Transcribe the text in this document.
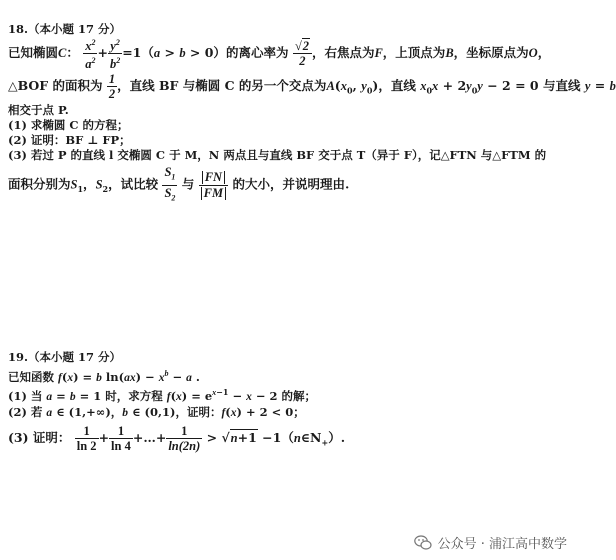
18.（本小题 17 分）
已知椭圆C： $\frac{x^2}{a^2} + \frac{y^2}{b^2} =1(a > b > 0)$的离心率为 $\frac{√2}{2}$ ，右焦点为F，上顶点为B，坐标原点为O，
△BOF 的面积为 $\frac{1}{2}$ ，直线 BF 与椭圆 C 的另一个交点为$A(x_0$, $y_0$)，直线 $x_0x + 2y_0y - 2 = 0$ 与直线 y = b
相交于点 P.
(1) 求椭圆 C 的方程；
(2) 证明：BF ⊥ FP；
(3) 若过 P 的直线 l 交椭圆 C 于 M，N 两点且与直线 BF 交于点 T（异于 F），记△FTN 与△FTM 的
面积分别为$S_1$，$S_2$，试比较 $\frac{S_1}{S_2}$ 与 $\frac{FN}{FM}$ 的大小，并说明理由.
19.（本小题 17 分）
已知函数 f(x) = b $\ln(ax) - x^b - a$ .
(1) 当 a = b = 1 时，求方程 $f(x) = e^{x-1} - x - 2$ 的解；
(2) 若 a ∈ (1,+∞)，b ∈ (0,1)，证明：f(x) + 2 < 0；
(3) 证明： $\frac{1}{\ln 2} + \frac{1}{\ln 4}$ +…+ $\frac{1}{\ln(2n)} > √n+1$ $-1(n\in N_+)$.
公众号 · 浦江高中数学
